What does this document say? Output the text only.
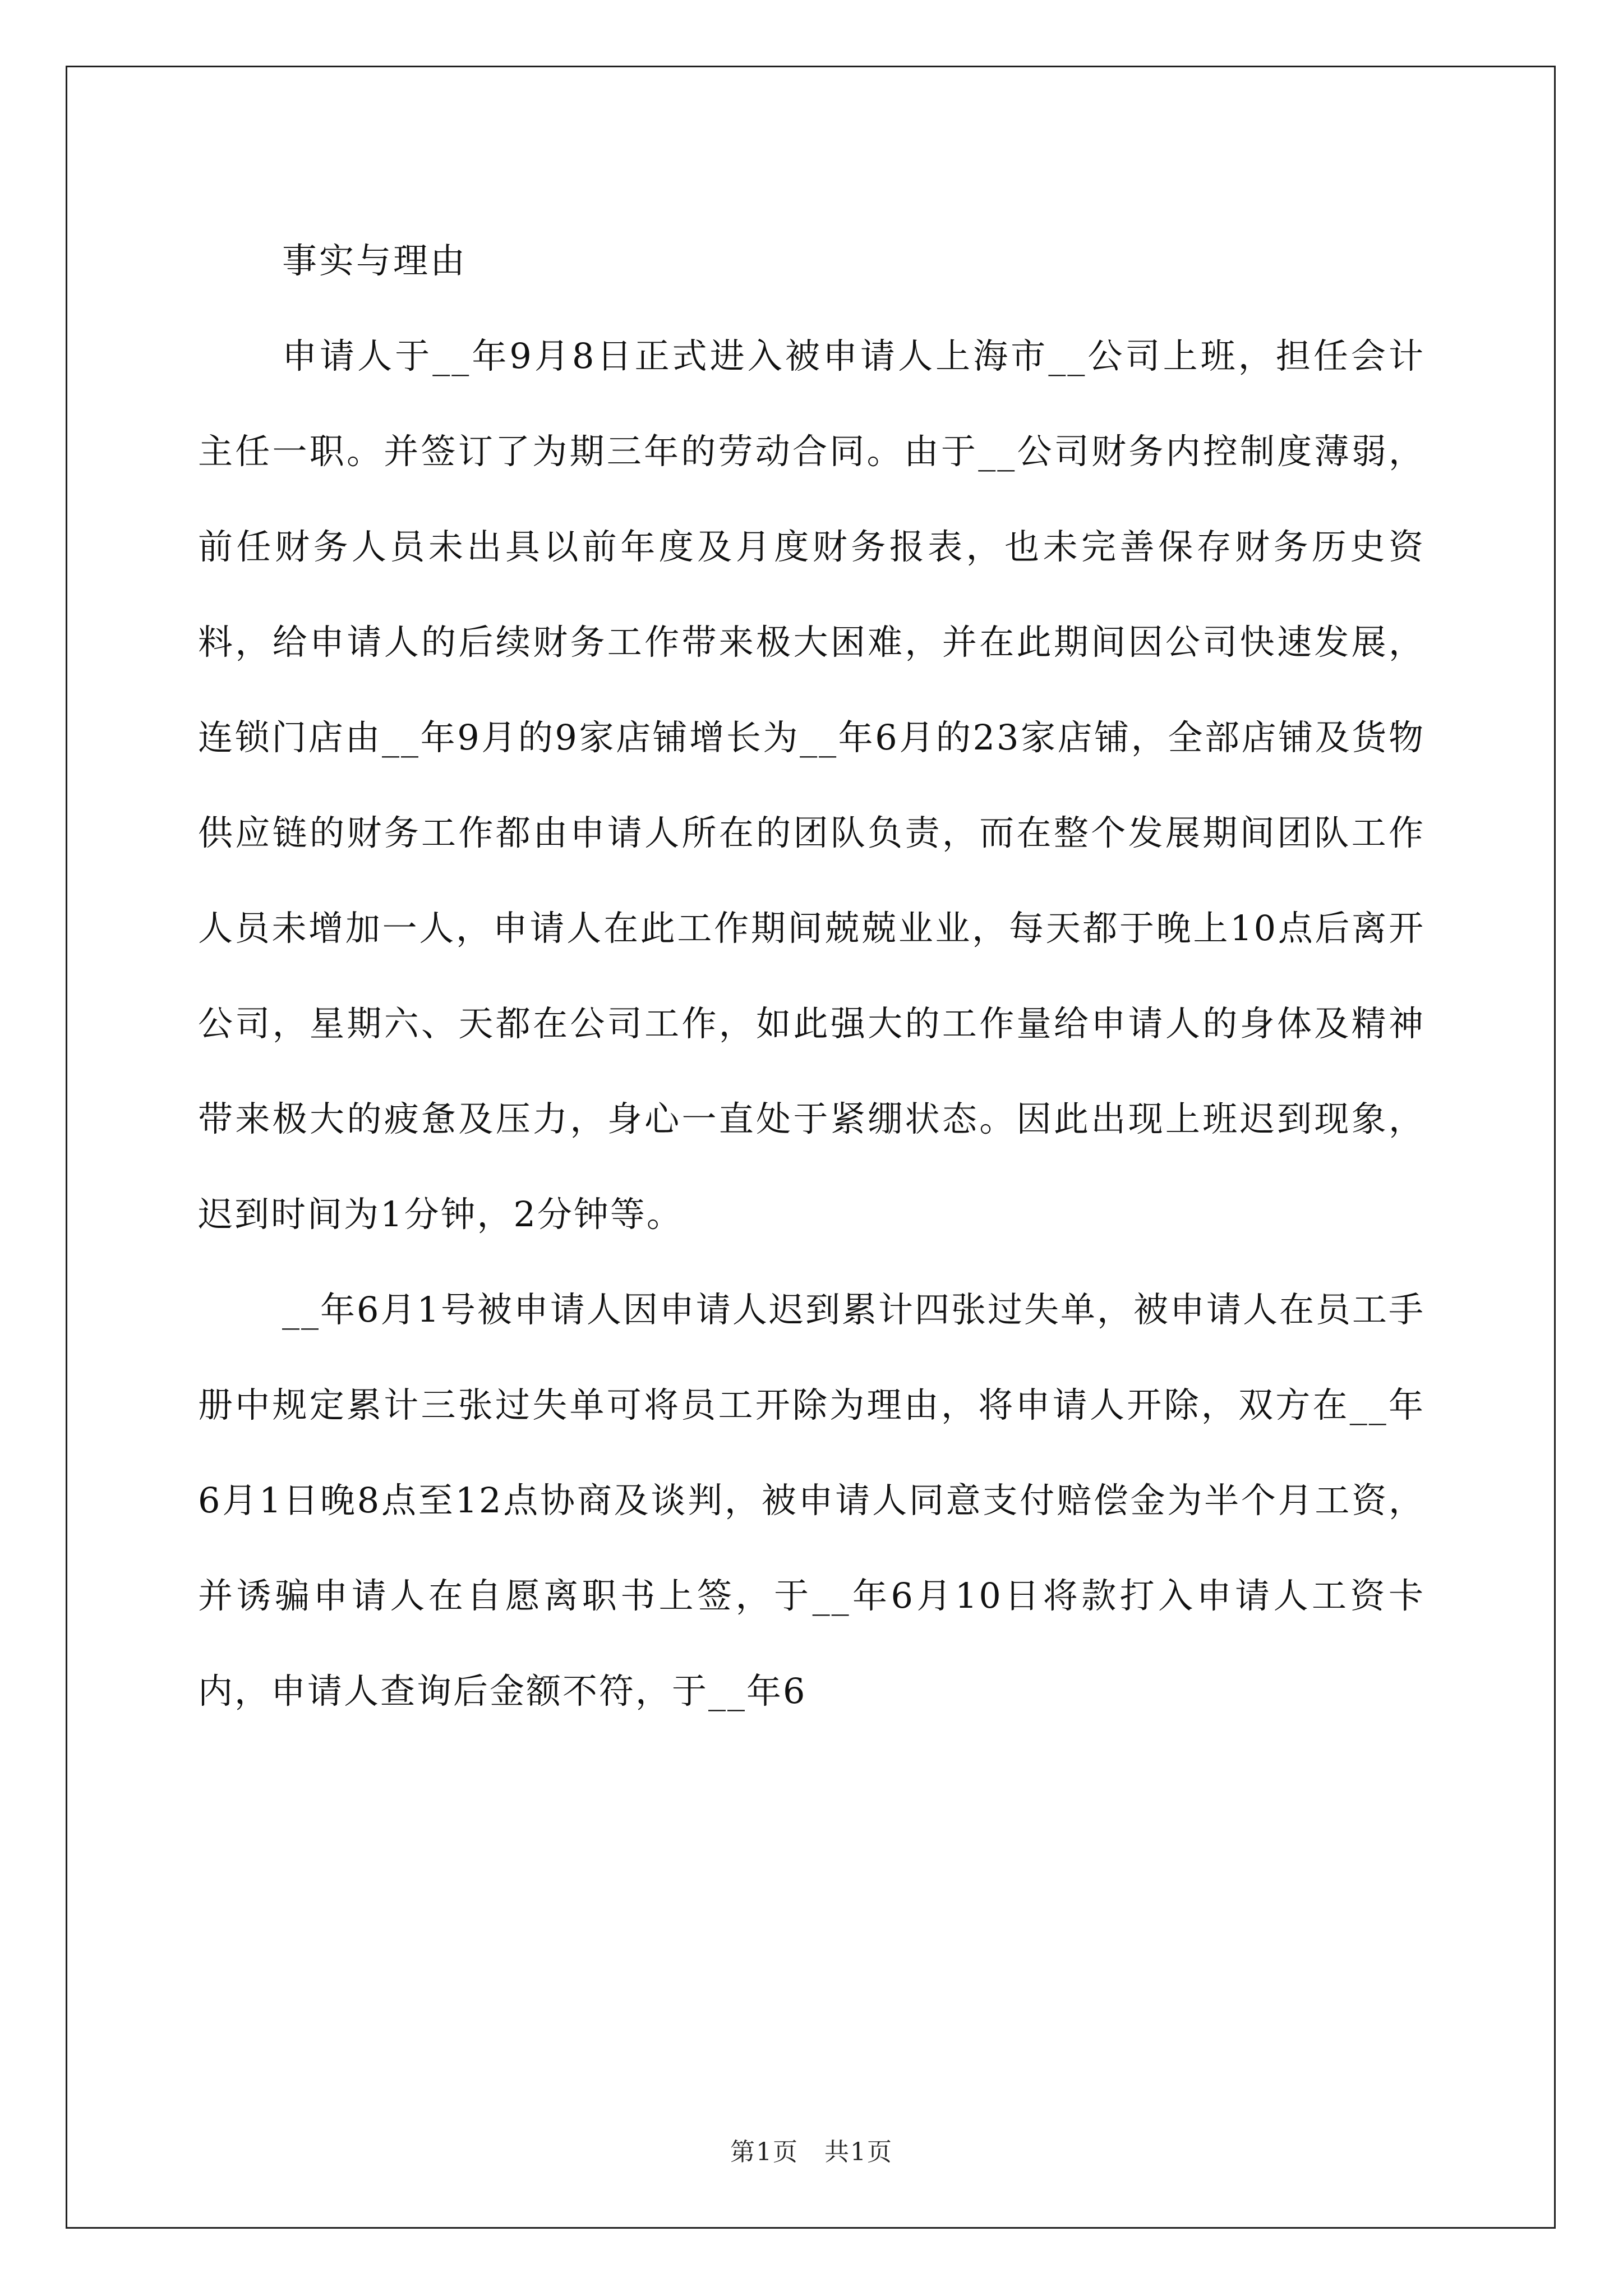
事实与理由

申请人于__年9月8日正式进入被申请人上海市__公司上班，担任会计主任一职。并签订了为期三年的劳动合同。由于__公司财务内控制度薄弱，前任财务人员未出具以前年度及月度财务报表，也未完善保存财务历史资料，给申请人的后续财务工作带来极大困难，并在此期间因公司快速发展，连锁门店由__年9月的9家店铺增长为__年6月的23家店铺，全部店铺及货物供应链的财务工作都由申请人所在的团队负责，而在整个发展期间团队工作人员未增加一人，申请人在此工作期间兢兢业业，每天都于晚上10点后离开公司，星期六、天都在公司工作，如此强大的工作量给申请人的身体及精神带来极大的疲惫及压力，身心一直处于紧绷状态。因此出现上班迟到现象，迟到时间为1分钟，2分钟等。

__年6月1号被申请人因申请人迟到累计四张过失单，被申请人在员工手册中规定累计三张过失单可将员工开除为理由，将申请人开除，双方在__年6月1日晚8点至12点协商及谈判，被申请人同意支付赔偿金为半个月工资，并诱骗申请人在自愿离职书上签，于__年6月10日将款打入申请人工资卡内，申请人查询后金额不符，于__年6

第1页　共1页
